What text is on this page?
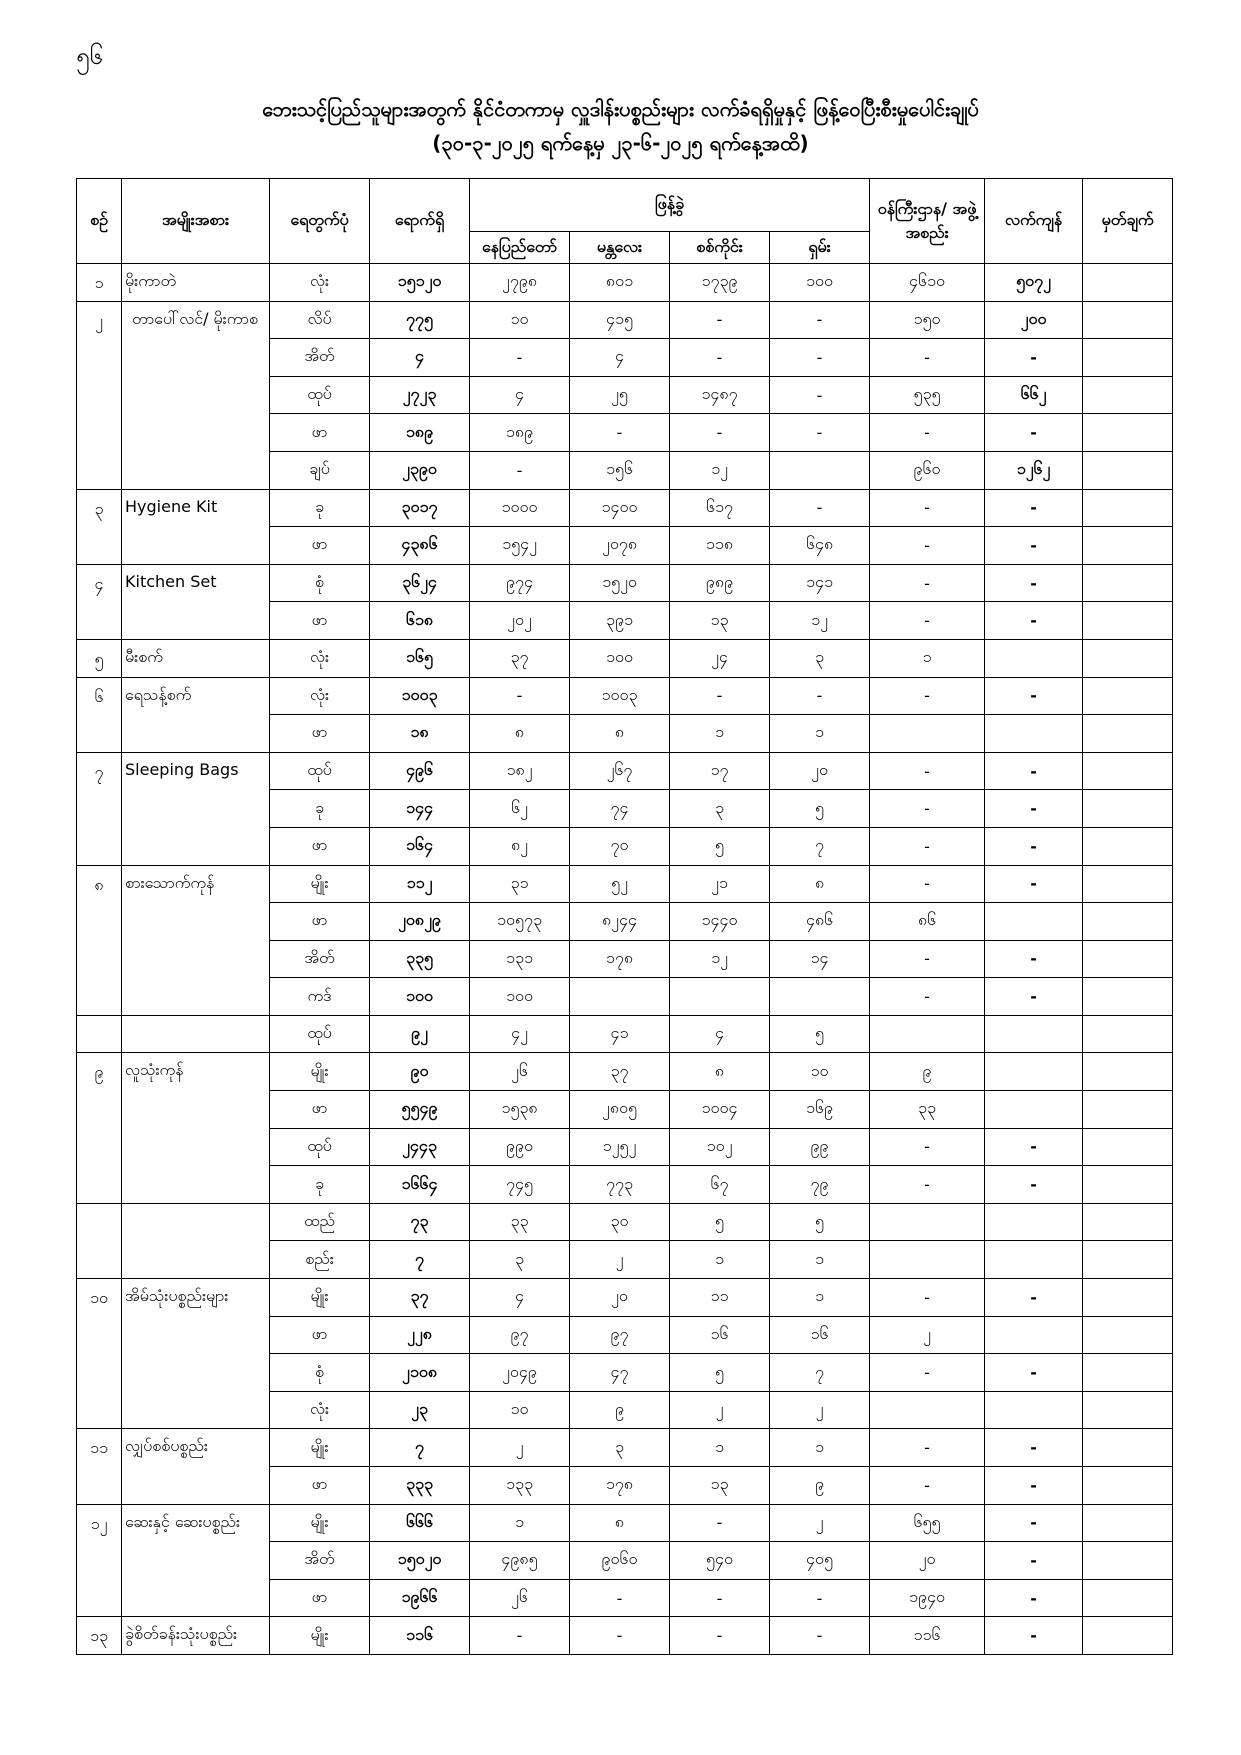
၅၆
ဘေးသင့်ပြည်သူများအတွက် နိုင်ငံတကာမှ လှူဒါန်းပစ္စည်းများ လက်ခံရရှိမှုနှင့် ဖြန့်ဝေပြီးစီးမှုပေါင်းချုပ်
(၃၀-၃-၂၀၂၅ ရက်နေ့မှ ၂၃-၆-၂၀၂၅ ရက်နေ့အထိ)
စဉ်	အမျိုးအစား	ရေတွက်ပုံ	ရောက်ရှိ	ဖြန့်ခွဲ				ဝန်ကြီးဌာန/ အဖွဲ့အစည်း	လက်ကျန်	မှတ်ချက်
				နေပြည်တော်	မန္တလေး	စစ်ကိုင်း	ရှမ်း			
၁	မိုးကာတဲ	လုံး	၁၅၁၂၀	၂၇၉၈	၈၀၁	၁၇၃၉	၁၀၀	၄၆၁၀	၅၀၇၂	
၂	တာပေါ်လင်/ မိုးကာစ	လိပ်	၇၇၅	၁၀	၄၁၅	-	-	၁၅၀	၂၀၀	
		အိတ်	၄	-	၄	-	-	-	-	
		ထုပ်	၂၇၂၃	၄	၂၅	၁၄၈၇	-	၅၃၅	၆၆၂	
		ဖာ	၁၈၉	၁၈၉	-	-	-	-	-	
		ချပ်	၂၃၉၀	-	၁၅၆	၁၂		၉၆၀	၁၂၆၂	
၃	Hygiene Kit	ခု	၃၀၁၇	၁၀၀၀	၁၄၀၀	၆၁၇	-	-	-	
		ဖာ	၄၃၈၆	၁၅၄၂	၂၀၇၈	၁၁၈	၆၄၈	-	-	
၄	Kitchen Set	စုံ	၃၆၂၄	၉၇၄	၁၅၂၀	၉၈၉	၁၄၁	-	-	
		ဖာ	၆၁၈	၂၀၂	၃၉၁	၁၃	၁၂	-	-	
၅	မီးစက်	လုံး	၁၆၅	၃၇	၁၀၀	၂၄	၃	၁		
၆	ရေသန့်စက်	လုံး	၁၀၀၃	-	၁၀၀၃	-	-	-	-	
		ဖာ	၁၈	၈	၈	၁	၁			
၇	Sleeping Bags	ထုပ်	၄၉၆	၁၈၂	၂၆၇	၁၇	၂၀	-	-	
		ခု	၁၄၄	၆၂	၇၄	၃	၅	-	-	
		ဖာ	၁၆၄	၈၂	၇၀	၅	၇	-	-	
၈	စားသောက်ကုန်	မျိုး	၁၁၂	၃၁	၅၂	၂၁	၈	-	-	
		ဖာ	၂၀၈၂၉	၁၀၅၇၃	၈၂၄၄	၁၄၄၀	၄၈၆	၈၆		
		အိတ်	၃၃၅	၁၃၁	၁၇၈	၁၂	၁၄	-	-	
		ကဒ်	၁၀၀	၁၀၀				-	-	
		ထုပ်	၉၂	၄၂	၄၁	၄	၅			
၉	လူသုံးကုန်	မျိုး	၉၀	၂၆	၃၇	၈	၁၀	၉		
		ဖာ	၅၅၄၉	၁၅၃၈	၂၈၀၅	၁၀၀၄	၁၆၉	၃၃		
		ထုပ်	၂၄၄၃	၉၉၀	၁၂၅၂	၁၀၂	၉၉	-	-	
		ခု	၁၆၆၄	၇၄၅	၇၇၃	၆၇	၇၉	-	-	
		ထည်	၇၃	၃၃	၃၀	၅	၅			
		စည်း	၇	၃	၂	၁	၁			
၁၀	အိမ်သုံးပစ္စည်းများ	မျိုး	၃၇	၄	၂၀	၁၁	၁	-	-	
		ဖာ	၂၂၈	၉၇	၉၇	၁၆	၁၆	၂		
		စုံ	၂၁၀၈	၂၀၄၉	၄၇	၅	၇	-	-	
		လုံး	၂၃	၁၀	၉	၂	၂			
၁၁	လျှပ်စစ်ပစ္စည်း	မျိုး	၇	၂	၃	၁	၁	-	-	
		ဖာ	၃၃၃	၁၃၃	၁၇၈	၁၃	၉	-	-	
၁၂	ဆေးနှင့် ဆေးပစ္စည်း	မျိုး	၆၆၆	၁	၈	-	၂	၆၅၅	-	
		အိတ်	၁၅၀၂၀	၄၉၈၅	၉၀၆၀	၅၄၀	၄၀၅	၂၀	-	
		ဖာ	၁၉၆၆	၂၆	-	-	-	၁၉၄၀	-	
၁၃	ခွဲစိတ်ခန်းသုံးပစ္စည်း	မျိုး	၁၁၆	-	-	-	-	၁၁၆	-	
